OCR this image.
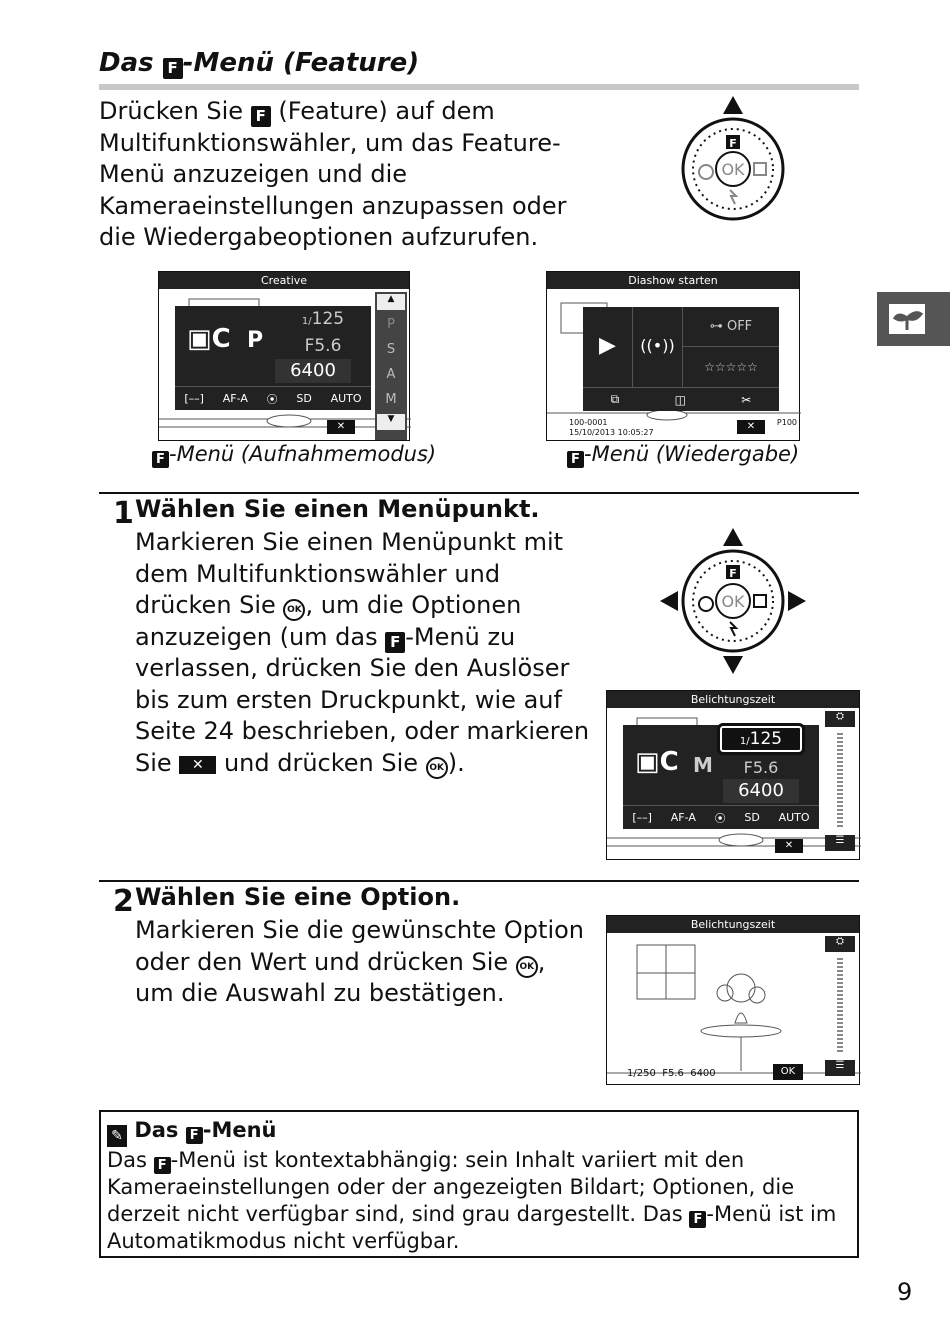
Das F -Menü (Feature)
Drücken Sie F (Feature) auf dem Multifunktionswähler, um das Feature-Menü anzuzeigen und die Kameraeinstellungen anzupassen oder die Wiedergabeoptionen aufzurufen.
OK
F
Creative
▣C P
1/125
F5.6
6400
[––] AF-A ⦿ SD AUTO
▲
P
S
A
M
▼
✕
Diashow starten
▶	((•))
⊶ OFF
☆☆☆☆☆
⧉	◫	✂
100-0001
15/10/2013 10:05:27
P100
✕
F -Menü (Aufnahmemodus)	F -Menü (Wiedergabe)
1 Wählen Sie einen Menüpunkt.
Markieren Sie einen Menüpunkt mit dem Multifunktionswähler und drücken Sie OK , um die Optionen anzuzeigen (um das F -Menü zu verlassen, drücken Sie den Auslöser bis zum ersten Druckpunkt, wie auf Seite 24 beschrieben, oder markieren Sie ✕ und drücken Sie OK ).
OK
F
Belichtungszeit
▣C M
1/125
F5.6
6400
[––] AF-A ⦿ SD AUTO
⛭
☰
✕
2 Wählen Sie eine Option.
Markieren Sie die gewünschte Option oder den Wert und drücken Sie OK , um die Auswahl zu bestätigen.
Belichtungszeit
1/250 F5.6 6400	OK
⛭
☰
✎ Das F -Menü
Das F -Menü ist kontextabhängig: sein Inhalt variiert mit den Kameraeinstellungen oder der angezeigten Bildart; Optionen, die derzeit nicht verfügbar sind, sind grau dargestellt. Das F -Menü ist im Automatikmodus nicht verfügbar.
9
